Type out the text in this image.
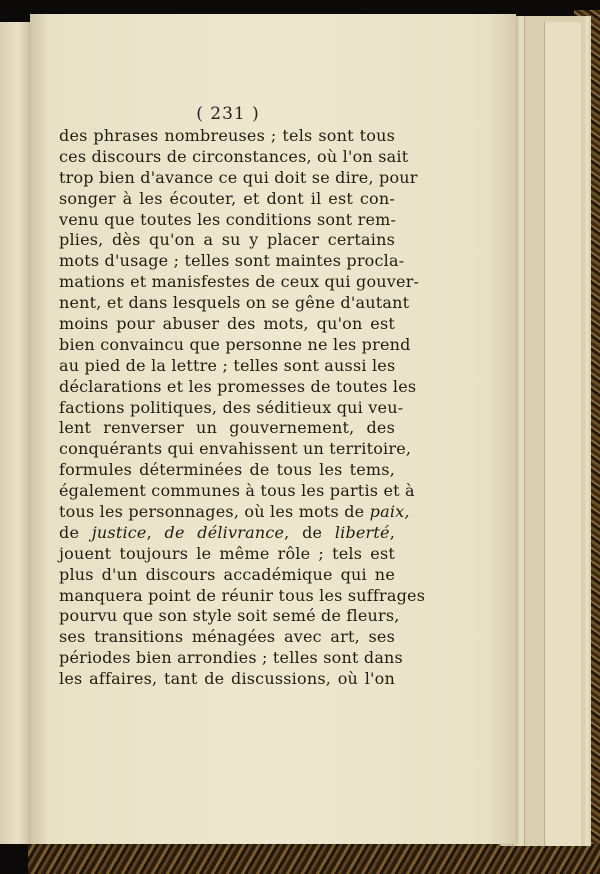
( 231 )
des phrases nombreuses ; tels sont tous
ces discours de circonstances, où l'on sait
trop bien d'avance ce qui doit se dire, pour
songer à les écouter, et dont il est con-
venu que toutes les conditions sont rem-
plies, dès qu'on a su y placer certains
mots d'usage ; telles sont maintes procla-
mations et manisfestes de ceux qui gouver-
nent, et dans lesquels on se gêne d'autant
moins pour abuser des mots, qu'on est
bien convaincu que personne ne les prend
au pied de la lettre ; telles sont aussi les
déclarations et les promesses de toutes les
factions politiques, des séditieux qui veu-
lent renverser un gouvernement, des
conquérants qui envahissent un territoire,
formules déterminées de tous les tems,
également communes à tous les partis et à
tous les personnages, où les mots de paix,
de justice, de délivrance, de liberté,
jouent toujours le même rôle ; tels est
plus d'un discours accadémique qui ne
manquera point de réunir tous les suffrages
pourvu que son style soit semé de fleurs,
ses transitions ménagées avec art, ses
périodes bien arrondies ; telles sont dans
les affaires, tant de discussions, où l'on
